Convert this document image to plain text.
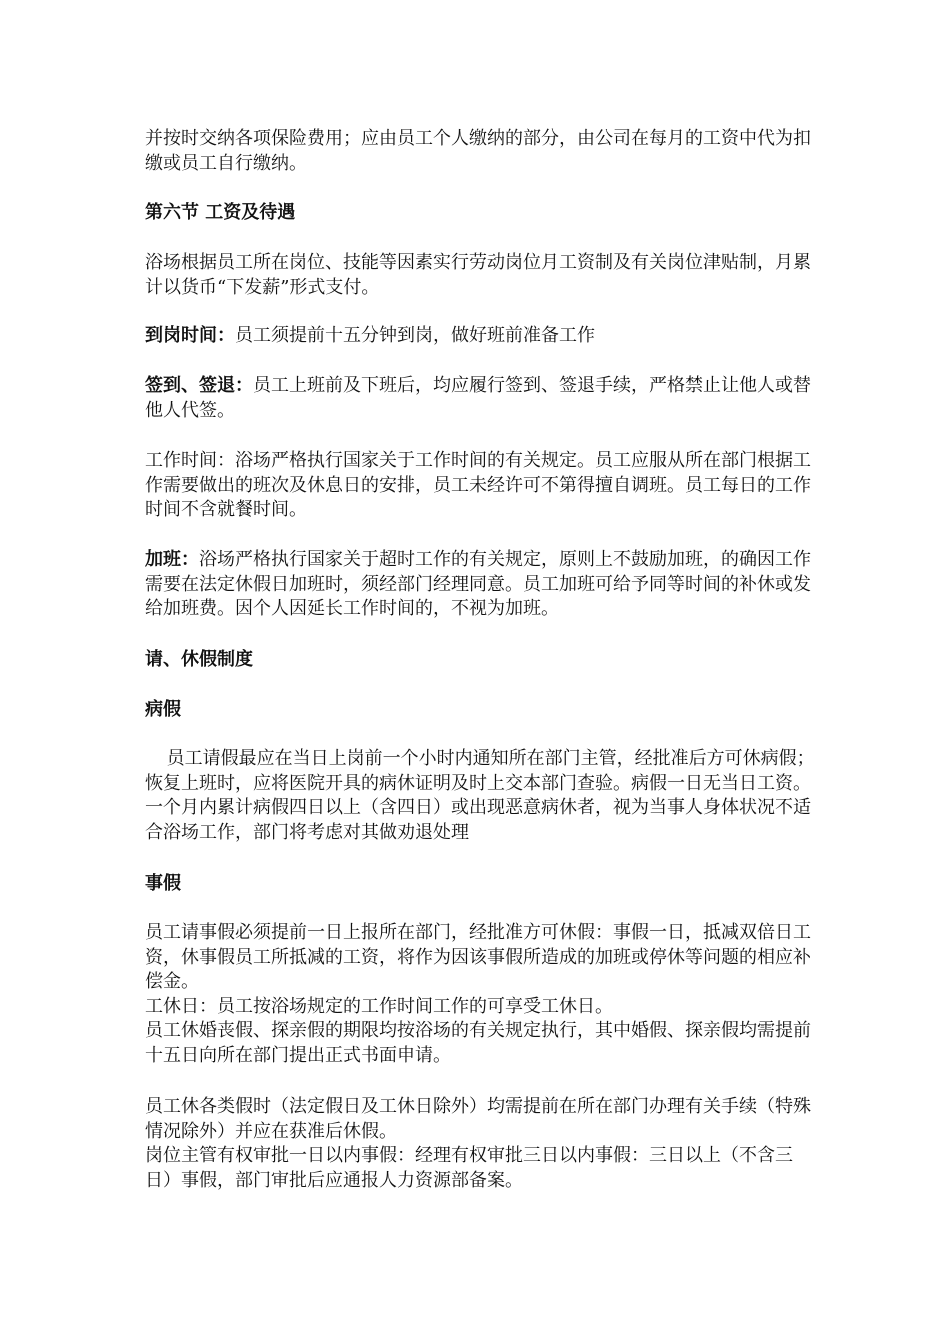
并按时交纳各项保险费用；应由员工个人缴纳的部分，由公司在每月的工资中代为扣缴或员工自行缴纳。

第六节 工资及待遇

浴场根据员工所在岗位、技能等因素实行劳动岗位月工资制及有关岗位津贴制，月累计以货币“下发薪”形式支付。

到岗时间：员工须提前十五分钟到岗，做好班前准备工作

签到、签退：员工上班前及下班后，均应履行签到、签退手续，严格禁止让他人或替他人代签。

工作时间：浴场严格执行国家关于工作时间的有关规定。员工应服从所在部门根据工作需要做出的班次及休息日的安排，员工未经许可不第得擅自调班。员工每日的工作时间不含就餐时间。

加班：浴场严格执行国家关于超时工作的有关规定，原则上不鼓励加班，的确因工作需要在法定休假日加班时，须经部门经理同意。员工加班可给予同等时间的补休或发给加班费。因个人因延长工作时间的，不视为加班。

请、休假制度

病假

员工请假最应在当日上岗前一个小时内通知所在部门主管，经批准后方可休病假；恢复上班时，应将医院开具的病休证明及时上交本部门查验。病假一日无当日工资。一个月内累计病假四日以上（含四日）或出现恶意病休者，视为当事人身体状况不适合浴场工作，部门将考虑对其做劝退处理

事假

员工请事假必须提前一日上报所在部门，经批准方可休假：事假一日，抵减双倍日工资，休事假员工所抵减的工资，将作为因该事假所造成的加班或停休等问题的相应补偿金。

工休日：员工按浴场规定的工作时间工作的可享受工休日。

员工休婚丧假、探亲假的期限均按浴场的有关规定执行，其中婚假、探亲假均需提前十五日向所在部门提出正式书面申请。

员工休各类假时（法定假日及工休日除外）均需提前在所在部门办理有关手续（特殊情况除外）并应在获准后休假。

岗位主管有权审批一日以内事假：经理有权审批三日以内事假：三日以上（不含三日）事假，部门审批后应通报人力资源部备案。
